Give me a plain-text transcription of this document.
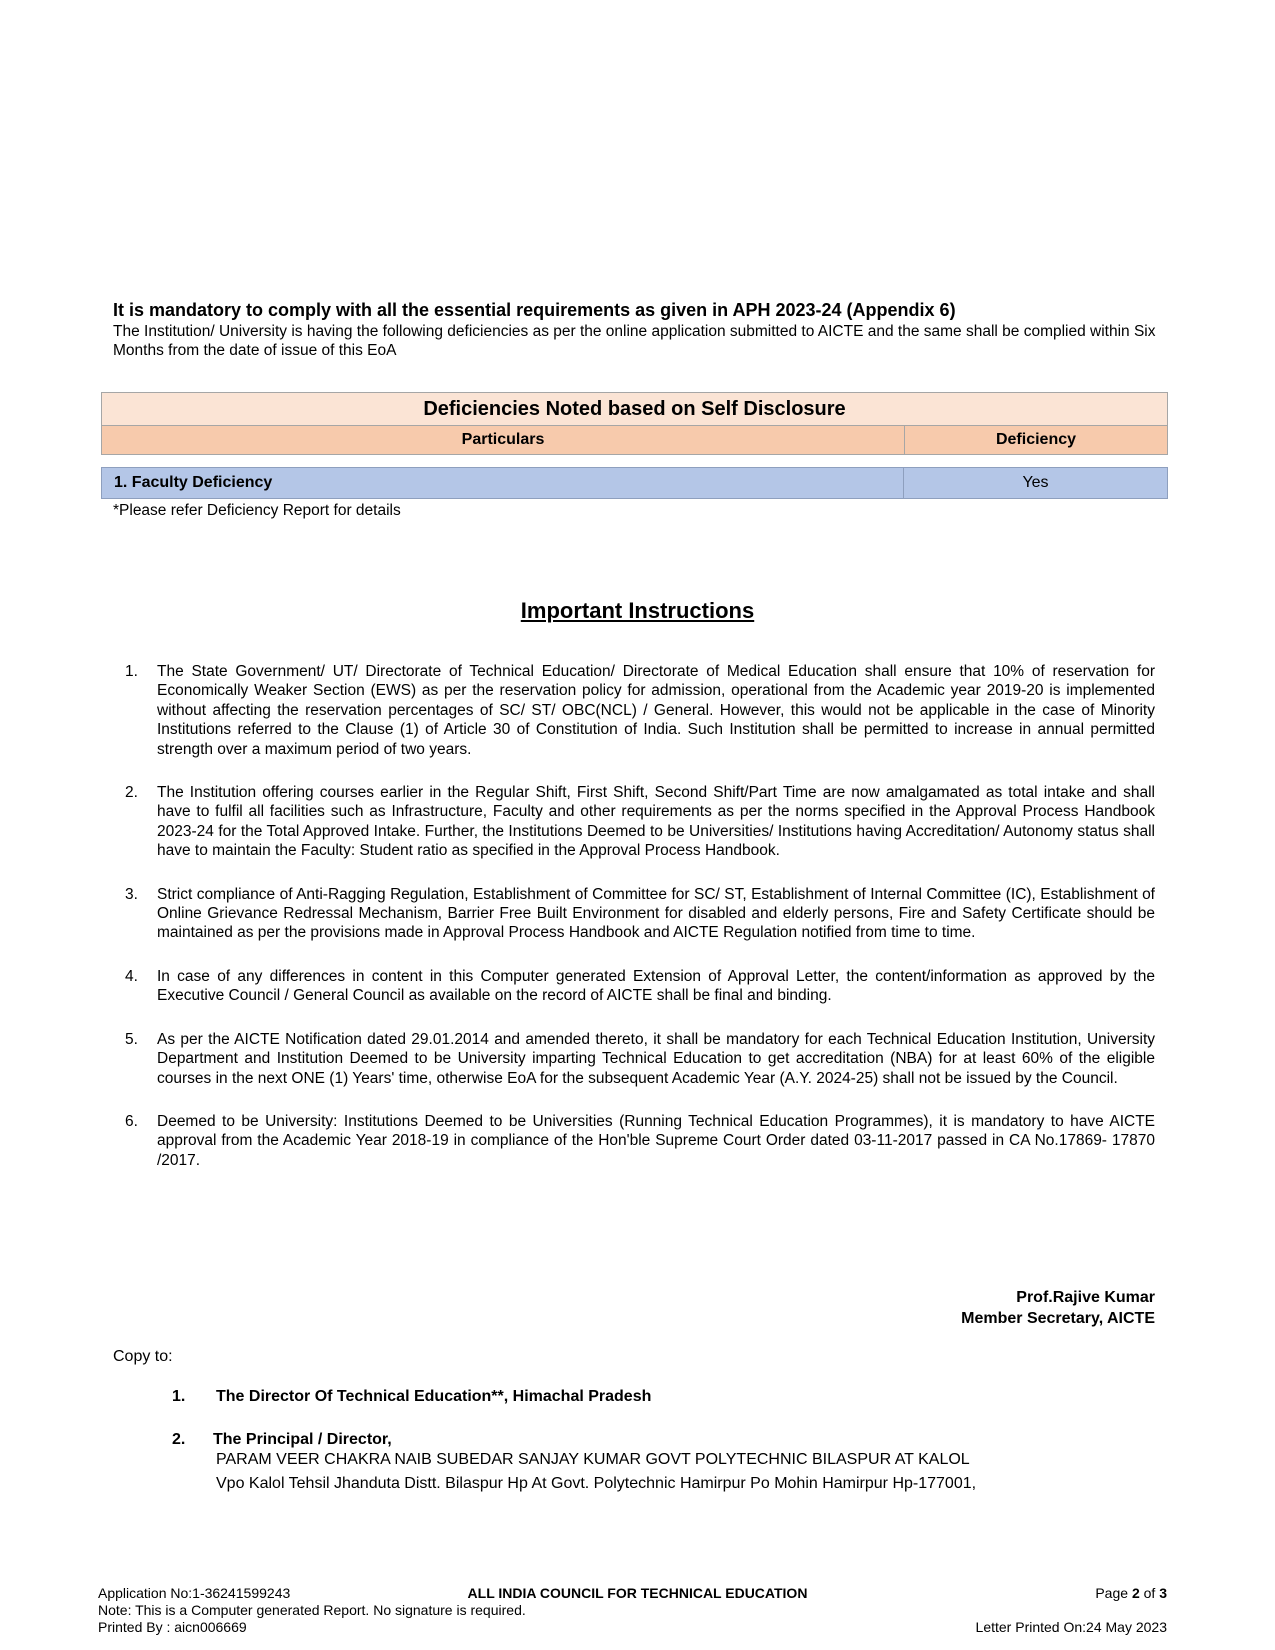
It is mandatory to comply with all the essential requirements as given in APH 2023-24 (Appendix 6)
The Institution/ University is having the following deficiencies as per the online application submitted to AICTE and the same shall be complied within Six Months from the date of issue of this EoA
Deficiencies Noted based on Self Disclosure
Particulars	Deficiency
1. Faculty Deficiency	Yes
*Please refer Deficiency Report for details
Important Instructions
1.	The State Government/ UT/ Directorate of Technical Education/ Directorate of Medical Education shall ensure that 10% of reservation for Economically Weaker Section (EWS) as per the reservation policy for admission, operational from the Academic year 2019-20 is implemented without affecting the reservation percentages of SC/ ST/ OBC(NCL) / General. However, this would not be applicable in the case of Minority Institutions referred to the Clause (1) of Article 30 of Constitution of India. Such Institution shall be permitted to increase in annual permitted strength over a maximum period of two years.
2.	The Institution offering courses earlier in the Regular Shift, First Shift, Second Shift/Part Time are now amalgamated as total intake and shall have to fulfil all facilities such as Infrastructure, Faculty and other requirements as per the norms specified in the Approval Process Handbook 2023-24 for the Total Approved Intake. Further, the Institutions Deemed to be Universities/ Institutions having Accreditation/ Autonomy status shall have to maintain the Faculty: Student ratio as specified in the Approval Process Handbook.
3.	Strict compliance of Anti-Ragging Regulation, Establishment of Committee for SC/ ST, Establishment of Internal Committee (IC), Establishment of Online Grievance Redressal Mechanism, Barrier Free Built Environment for disabled and elderly persons, Fire and Safety Certificate should be maintained as per the provisions made in Approval Process Handbook and AICTE Regulation notified from time to time.
4.	In case of any differences in content in this Computer generated Extension of Approval Letter, the content/information as approved by the Executive Council / General Council as available on the record of AICTE shall be final and binding.
5.	As per the AICTE Notification dated 29.01.2014 and amended thereto, it shall be mandatory for each Technical Education Institution, University Department and Institution Deemed to be University imparting Technical Education to get accreditation (NBA) for at least 60% of the eligible courses in the next ONE (1) Years' time, otherwise EoA for the subsequent Academic Year (A.Y. 2024-25) shall not be issued by the Council.
6.	Deemed to be University: Institutions Deemed to be Universities (Running Technical Education Programmes), it is mandatory to have AICTE approval from the Academic Year 2018-19 in compliance of the Hon'ble Supreme Court Order dated 03-11-2017 passed in CA No.17869- 17870 /2017.
Prof.Rajive Kumar
Member Secretary, AICTE
Copy to:
1. The Director Of Technical Education**, Himachal Pradesh
2. The Principal / Director,
PARAM VEER CHAKRA NAIB SUBEDAR SANJAY KUMAR GOVT POLYTECHNIC BILASPUR AT KALOL
Vpo Kalol Tehsil Jhanduta Distt. Bilaspur Hp At Govt. Polytechnic Hamirpur Po Mohin Hamirpur Hp-177001,
Application No:1-36241599243	ALL INDIA COUNCIL FOR TECHNICAL EDUCATION	Page 2 of 3
Note: This is a Computer generated Report. No signature is required.
Printed By : aicn006669	Letter Printed On:24 May 2023
